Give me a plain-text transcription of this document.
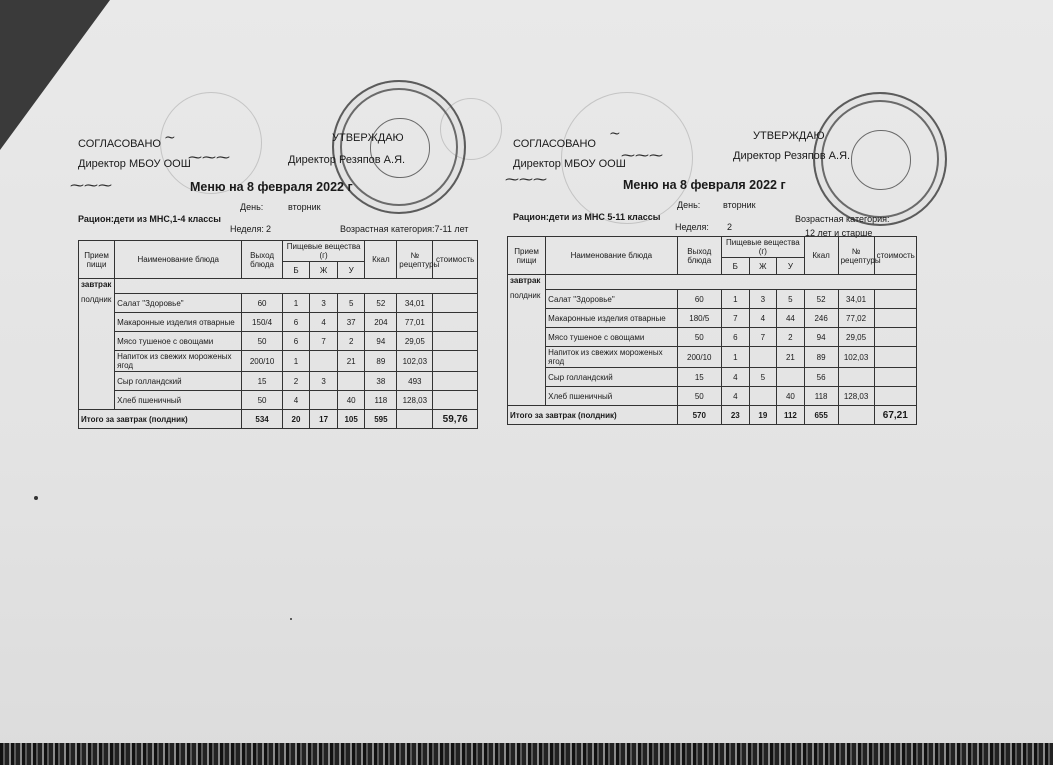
СОГЛАСОВАНО	УТВЕРЖДАЮ
~
Директор МБОУ ООШ	Директор Резяпов А.Я.
⁓⁓⁓
⁓⁓⁓	Меню на 8 февраля 2022 г
День:	вторник
Рацион:дети из МНС,1-4 классы
Неделя: 2	Возрастная категория:7-11 лет
Прием пищи	Наименование блюда	Выход блюда	Пищевые вещества (г)			Ккал	№ рецептуры	стоимость
			Б	Ж	У			
завтрак								
полдник	Салат "Здоровье"	60	1	3	5	52	34,01	
	Макаронные изделия отварные	150/4	6	4	37	204	77,01	
	Мясо тушеное с овощами	50	6	7	2	94	29,05	
	Напиток из свежих мороженых ягод	200/10	1		21	89	102,03	
	Сыр голландский	15	2	3		38	493	
	Хлеб пшеничный	50	4		40	118	128,03	
Итого за завтрак (полдник)		534	20	17	105	595		59,76
СОГЛАСОВАНО
УТВЕРЖДАЮ
~
Директор МБОУ ООШ
Директор Резяпов А.Я.
⁓⁓⁓
⁓⁓⁓	Меню на 8 февраля 2022 г
День:	вторник
Рацион:дети из МНС 5-11 классы
Неделя: 2
Возрастная категория:
12 лет и старше
Прием пищи	Наименование блюда	Выход блюда	Пищевые вещества (г)			Ккал	№ рецептуры	стоимость
			Б	Ж	У			
завтрак								
полдник	Салат "Здоровье"	60	1	3	5	52	34,01	
	Макаронные изделия отварные	180/5	7	4	44	246	77,02	
	Мясо тушеное с овощами	50	6	7	2	94	29,05	
	Напиток из свежих мороженых ягод	200/10	1		21	89	102,03	
	Сыр голландский	15	4	5		56		
	Хлеб пшеничный	50	4		40	118	128,03	
Итого за завтрак (полдник)		570	23	19	112	655		67,21
